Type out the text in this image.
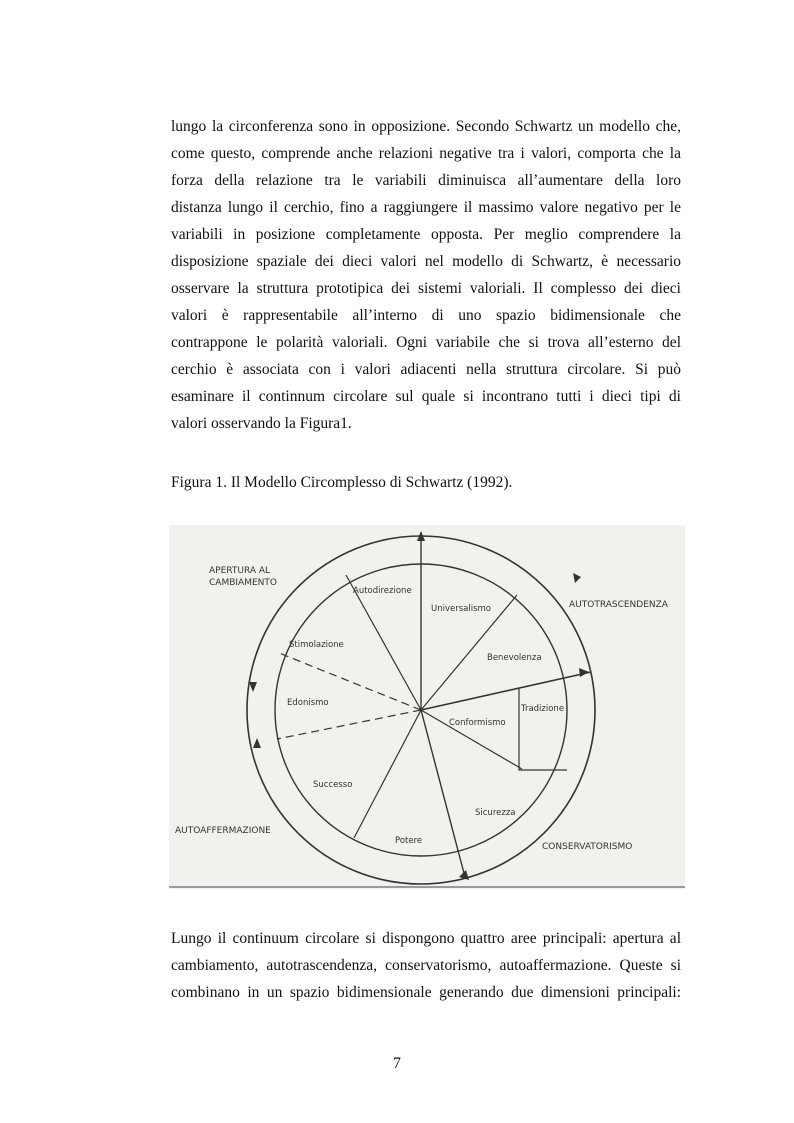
lungo la circonferenza sono in opposizione. Secondo Schwartz un modello che,
come questo, comprende anche relazioni negative tra i valori, comporta che la
forza della relazione tra le variabili diminuisca all’aumentare della loro
distanza lungo il cerchio, fino a raggiungere il massimo valore negativo per le
variabili in posizione completamente opposta. Per meglio comprendere la
disposizione spaziale dei dieci valori nel modello di Schwartz, è necessario
osservare la struttura prototipica dei sistemi valoriali. Il complesso dei dieci
valori è rappresentabile all’interno di uno spazio bidimensionale che
contrappone le polarità valoriali. Ogni variabile che si trova all’esterno del
cerchio è associata con i valori adiacenti nella struttura circolare. Si può
esaminare il continnum circolare sul quale si incontrano tutti i dieci tipi di
valori osservando la Figura1.

Figura 1. Il Modello Circomplesso di Schwartz (1992).

APERTURA AL
CAMBIAMENTO
AUTOTRASCENDENZA
AUTOAFFERMAZIONE
CONSERVATORISMO
Autodirezione
Universalismo
Stimolazione
Benevolenza
Edonismo
Tradizione
Conformismo
Successo
Sicurezza
Potere
Lungo il continuum circolare si dispongono quattro aree principali: apertura al
cambiamento, autotrascendenza, conservatorismo, autoaffermazione. Queste si
combinano in un spazio bidimensionale generando due dimensioni principali:
7
